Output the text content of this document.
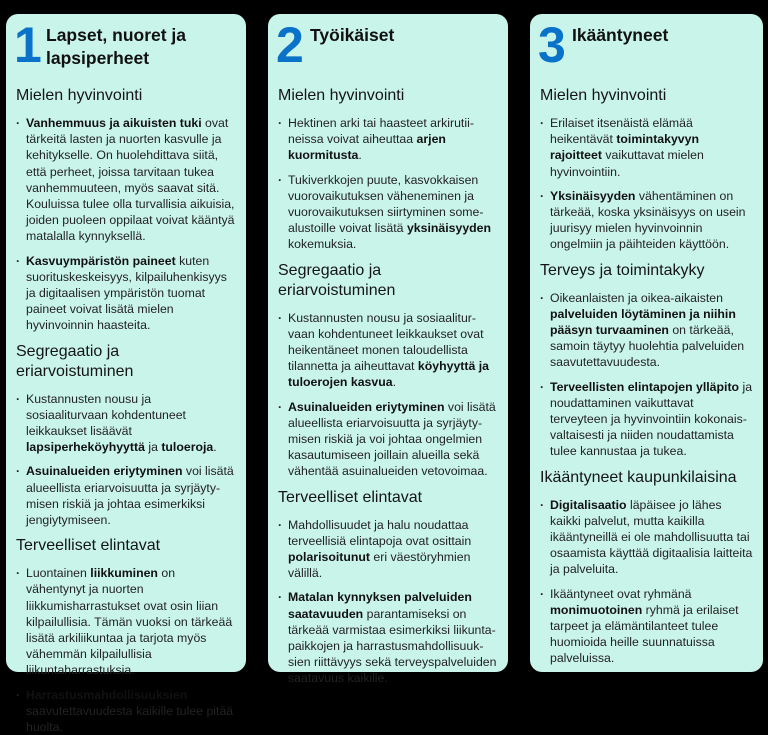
1 Lapset, nuoret ja lapsiperheet
Mielen hyvinvointi
· Vanhemmuus ja aikuisten tuki ovat tärkeitä lasten ja nuorten kasvulle ja kehitykselle. On huolehdittava siitä, että perheet, joissa tarvitaan tukea vanhemmuuteen, myös saavat sitä. Kouluissa tulee olla turvallisia aikuisia, joiden puoleen oppilaat voivat kääntyä matalalla kynnyksellä.
· Kasvuympäristön paineet kuten suorituskeskeisyys, kilpailuhenkisyys ja digitaalisen ympäristön tuomat paineet voivat lisätä mielen hyvinvoinnin haasteita.
Segregaatio ja eriarvoistuminen
· Kustannusten nousu ja sosiaaliturvaan kohdentuneet leikkaukset lisäävät lapsiperheköyhyyttä ja tuloeroja.
· Asuinalueiden eriytyminen voi lisätä alueellista eriarvoisuutta ja syrjäytymisen riskiä ja johtaa esimerkiksi jengiytymiseen.
Terveelliset elintavat
· Luontainen liikkuminen on vähentynyt ja nuorten liikkumisharrastukset ovat osin liian kilpailullisia. Tämän vuoksi on tärkeää lisätä arkiliikuntaa ja tarjota myös vähemmän kilpailullisia liikuntaharrastuksia.
· Harrastusmahdollisuuksien saavutettavuudesta kaikille tulee pitää huolta.
2 Työikäiset
Mielen hyvinvointi
· Hektinen arki tai haasteet arkirutiineissa voivat aiheuttaa arjen kuormitusta.
· Tukiverkkojen puute, kasvokkaisen vuorovaikutuksen väheneminen ja vuorovaikutuksen siirtyminen some-alustoille voivat lisätä yksinäisyyden kokemuksia.
Segregaatio ja eriarvoistuminen
· Kustannusten nousu ja sosiaaliturvaan kohdentuneet leikkaukset ovat heikentäneet monen taloudellista tilannetta ja aiheuttavat köyhyyttä ja tuloerojen kasvua.
· Asuinalueiden eriytyminen voi lisätä alueellista eriarvoisuutta ja syrjäytymisen riskiä ja voi johtaa ongelmien kasautumiseen joillain alueilla sekä vähentää asuinalueiden vetovoimaa.
Terveelliset elintavat
· Mahdollisuudet ja halu noudattaa terveellisiä elintapoja ovat osittain polarisoitunut eri väestöryhmien välillä.
· Matalan kynnyksen palveluiden saatavuuden parantamiseksi on tärkeää varmistaa esimerkiksi liikuntapaikkojen ja harrastusmahdollisuuksien riittävyys sekä terveyspalveluiden saatavuus kaikille.
3 Ikääntyneet
Mielen hyvinvointi
· Erilaiset itsenäistä elämää heikentävät toimintakyvyn rajoitteet vaikuttavat mielen hyvinvointiin.
· Yksinäisyyden vähentäminen on tärkeää, koska yksinäisyys on usein juurisyy mielen hyvinvoinnin ongelmiin ja päihteiden käyttöön.
Terveys ja toimintakyky
· Oikeanlaisten ja oikea-aikaisten palveluiden löytäminen ja niihin pääsyn turvaaminen on tärkeää, samoin täytyy huolehtia palveluiden saavutettavuudesta.
· Terveellisten elintapojen ylläpito ja noudattaminen vaikuttavat terveyteen ja hyvinvointiin kokonaisvaltaisesti ja niiden noudattamista tulee kannustaa ja tukea.
Ikääntyneet kaupunkilaisina
· Digitalisaatio läpäisee jo lähes kaikki palvelut, mutta kaikilla ikääntyneillä ei ole mahdollisuutta tai osaamista käyttää digitaalisia laitteita ja palveluita.
· Ikääntyneet ovat ryhmänä monimuotoinen ryhmä ja erilaiset tarpeet ja elämäntilanteet tulee huomioida heille suunnatuissa palveluissa.
